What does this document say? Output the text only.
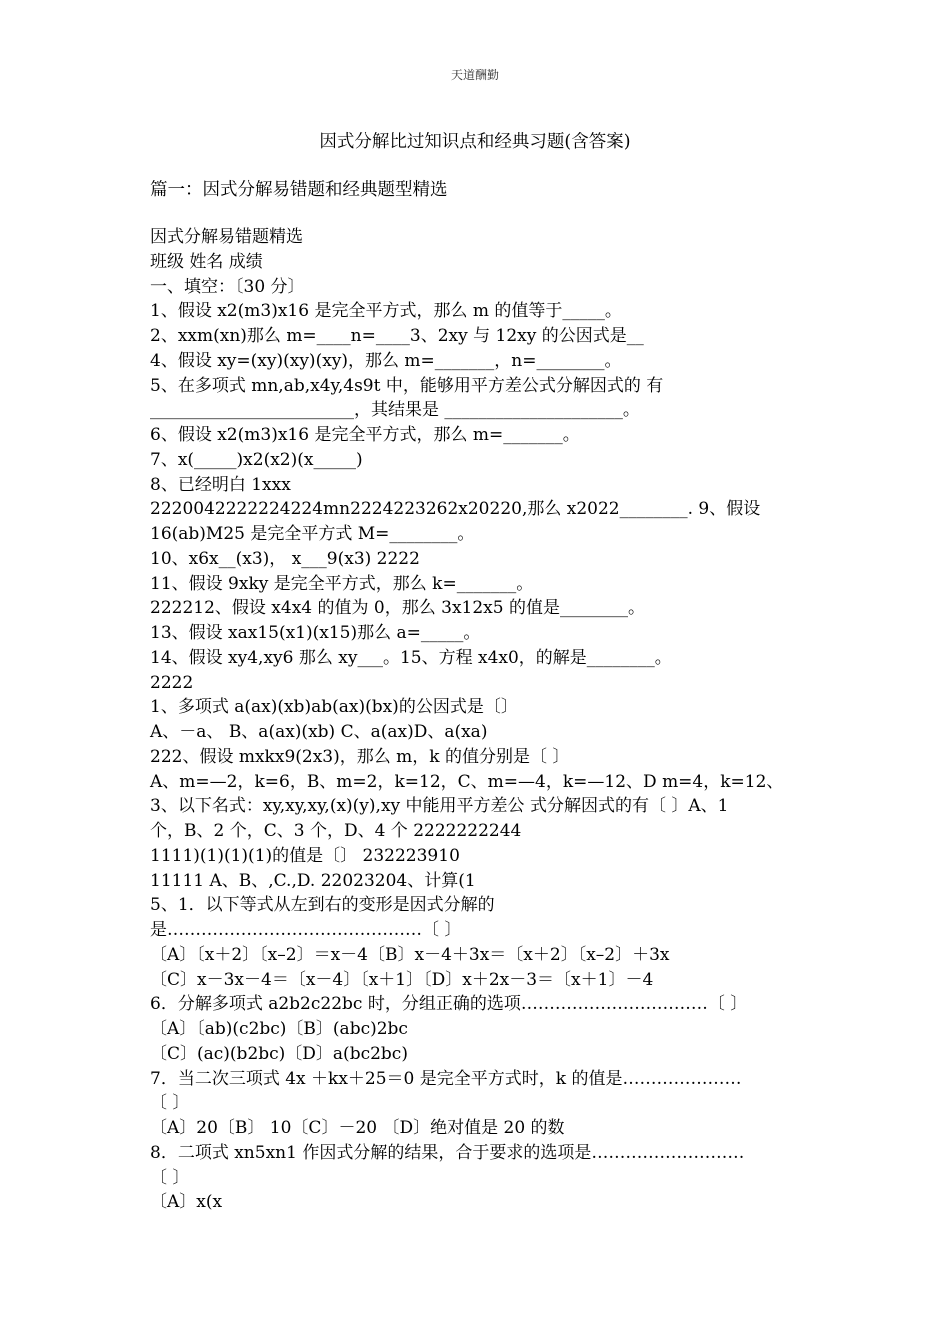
天道酬勤
因式分解比过知识点和经典习题(含答案)
篇一：因式分解易错题和经典题型精选
因式分解易错题精选
班级 姓名 成绩
一、填空：〔30 分〕
1、假设 x2(m3)x16 是完全平方式，那么 m 的值等于_____。
2、xxm(xn)那么 m=____n=____3、2xy 与 12xy 的公因式是__
4、假设 xy=(xy)(xy)(xy)，那么 m=_______，n=________。
5、在多项式 mn,ab,x4y,4s9t 中，能够用平方差公式分解因式的 有
________________________，其结果是 _____________________。
6、假设 x2(m3)x16 是完全平方式，那么 m=_______。
7、x(_____)x2(x2)(x_____)
8、已经明白 1xxx
2220042222224224mn2224223262x20220,那么 x2022________. 9、假设
16(ab)M25 是完全平方式 M=________。
10、x6x__(x3)， x___9(x3) 2222
11、假设 9xky 是完全平方式，那么 k=_______。
222212、假设 x4x4 的值为 0，那么 3x12x5 的值是________。
13、假设 xax15(x1)(x15)那么 a=_____。
14、假设 xy4,xy6 那么 xy___。15、方程 x4x0，的解是________。
2222
1、多项式 a(ax)(xb)ab(ax)(bx)的公因式是〔〕
A、－a、 B、a(ax)(xb) C、a(ax)D、a(xa)
222、假设 mxkx9(2x3)，那么 m，k 的值分别是〔 〕
A、m=—2，k=6，B、m=2，k=12，C、m=—4，k=—12、D m=4，k=12、
3、以下名式：xy,xy,xy,(x)(y),xy 中能用平方差公 式分解因式的有〔 〕A、1
个，B、2 个，C、3 个，D、4 个 2222222244
1111)(1)(1)(1)的值是〔〕 232223910
11111 A、B、,C.,D. 22023204、计算(1
5、1．以下等式从左到右的变形是因式分解的
是………………………………………〔 〕
〔A〕〔x＋2〕〔x–2〕＝x－4〔B〕x－4＋3x＝〔x＋2〕〔x–2〕＋3x
〔C〕x－3x－4＝〔x－4〕〔x＋1〕〔D〕x＋2x－3＝〔x＋1〕－4
6．分解多项式 a2b2c22bc 时，分组正确的选项……………………………〔 〕
〔A〕〔ab)(c2bc)〔B〕(abc)2bc
〔C〕(ac)(b2bc)〔D〕a(bc2bc)
7．当二次三项式 4x ＋kx＋25＝0 是完全平方式时，k 的值是…………………
〔 〕
〔A〕20〔B〕 10〔C〕－20 〔D〕绝对值是 20 的数
8．二项式 xn5xn1 作因式分解的结果，合于要求的选项是………………………
〔 〕
〔A〕x(x
